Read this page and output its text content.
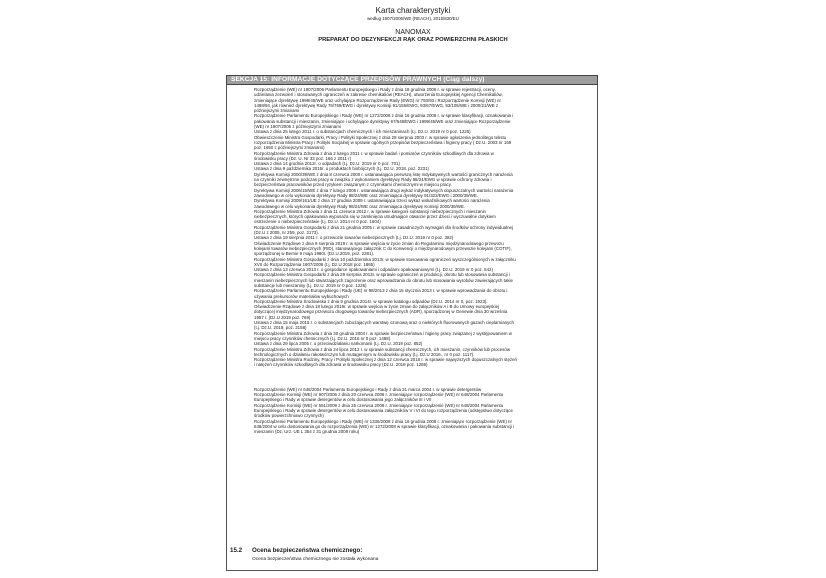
Karta charakterystyki
według 1907/2006/WE (REACH), 2015/830/EU
NANOMAX
PREPARAT DO DEZYNFEKCJI RĄK ORAZ POWIERZCHNI PŁASKICH
SEKCJA 15: INFORMACJE DOTYCZĄCE PRZEPISÓW PRAWNYCH (Ciąg dalszy)
Rozporządzenie (WE) nr 1907/2006 Parlamentu Europejskiego i Rady z dnia 18 grudnia 2006 r. w sprawie rejestracji, oceny,
udzielania zezwoleń i stosowanych ograniczeń w zakresie chemikaliów (REACH), utworzenia Europejskiej Agencji Chemikaliów,
zmieniające dyrektywę 1999/45/WE oraz uchylające Rozporządzenie Rady (EWG) nr 793/93 i Rozporządzenie Komisji (WE) nr
1488/94, jak również dyrektywę Rady 76/769/EWG i dyrektywy Komisji 91/155/EWG, 93/67/EWG, 93/105/WE i 2000/21/WE z
późniejszymi zmianami
Rozporządzenie Parlamentu Europejskiego i Rady (WE) nr 1272/2008 z dnia 16 grudnia 2008 r. w sprawie klasyfikacji, oznakowania i
pakowania substancji i mieszanin, zmieniające i uchylające dyrektywy 67/548/EWG i 1999/45/WE oraz zmieniające Rozporządzenie
(WE) nr 1907/2006 z późniejszymi zmianami
Ustawa z dnia 25 lutego 2011 r. o substancjach chemicznych i ich mieszaninach (t.j. Dz.U. 2019 nr 0 poz. 1225)
Obwieszczenie Ministra Gospodarki, Pracy i Polityki Społecznej z dnia 28 sierpnia 2003 r. w sprawie ogłoszenia jednolitego tekstu
rozporządzenia Ministra Pracy i Polityki Socjalnej w sprawie ogólnych przepisów bezpieczeństwa i higieny pracy ( Dz.U. 2003 nr 169
poz. 1650 z późniejszymi zmianami)
Rozporządzenie Ministra Zdrowia z dnia 2 lutego 2011 r. w sprawie badań i pomiarów czynników szkodliwych dla zdrowia w
środowisku pracy (Dz. U. Nr 33 poz. 166 z 2011 r)
Ustawa z dnia 14 grudnia 2012r. o odpadach (t.j. Dz.U. 2019 nr 0 poz. 701)
Ustawa z dnia 9 października 2015r. o produktach biobójczych (t.j. Dz.U. 2018, poz. 2231)
Dyrektywa Komisji 2000/39/WE z dnia 8 czerwca 2000 r. ustanawiająca pierwszą listę indykatywnych wartości granicznych narażenia
na czynniki zewnętrzne podczas pracy w związku z wykonaniem dyrektywy Rady 98/24/EWG w sprawie ochrony zdrowia i
bezpieczeństwa pracowników przed ryzykiem związanym z czynnikami chemicznymi w miejscu pracy.
Dyrektywa Komisji 2006/15/WE z dnia 7 lutego 2006 r. ustanawiająca drugi wykaz indykatywnych dopuszczalnych wartości narażenia
zawodowego w celu wykonania dyrektywy Rady 98/24/WE oraz zmieniająca dyrektywy 91/322/EWG i 2000/39/WE.
Dyrektywa Komisji 2009/161/UE z dnia 17 grudnia 2009 r. ustanawiająca trzeci wykaz wskaźnikowych wartości narażenia
zawodowego w celu wykonania dyrektywy Rady 98/24/WE oraz zmieniająca dyrektywę Komisji 2000/39/WE.
Rozporządzenie Ministra Zdrowia z dnia 11 czerwca 2012 r. w sprawie kategorii substancji niebezpiecznych i mieszanin
niebezpiecznych, których opakowania wyposaża się w zamknięcia utrudniające otwarcie przez dzieci i wyczuwalne dotykiem
ostrzeżenie o niebezpieczeństwie (t.j. Dz.U. 2014 nr 0 poz. 1604)
Rozporządzenie Ministra Gospodarki z dnia 21 grudnia 2005 r. w sprawie zasadniczych wymagań dla środków ochrony indywidualnej
(Dz.U z 2005, nr 259, poz. 2173).
Ustawa z dnia 19 sierpnia 2011 r. o przewozie towarów niebezpiecznych (t.j. Dz.U. 2019 nr 0 poz. 382)
Oświadczenie Rządowe z dnia 9 sierpnia 2019 r. w sprawie wejścia w życie zmian do Regulaminu międzynarodowego przewozu
kolejami towarów niebezpiecznych (RID), stanowiącego załącznik C do Konwencji o międzynarodowym przewozie kolejami (COTIF),
sporządzonej w Bernie 9 maja 1980r. (Dz.U.2019, poz. 2281).
Rozporządzenie Ministra Gospodarki z dnia 10 października 2013r. w sprawie stosowania ograniczeń wyszczególnionych w załączniku
XVII do Rozporządzenia 1907/2006 (t.j. Dz.U 2018 poz. 1865)
Ustawa z dnia 13 czerwca 2013 r. o gospodarce opakowaniami i odpadami opakowaniowymi (t.j. Dz.U. 2019 nr 0 poz. 542)
Rozporządzenie Ministra Gospodarki z dnia 29 sierpnia 2013r. w sprawie ograniczeń w produkcji, obrotu lub stosowania substancji i
mieszanin niebezpiecznych lub stwarzających zagrożenie oraz wprowadzania do obrotu lub stosowania wyrobów zawierających takie
substancje lub mieszaniny (t.j. Dz.U. 2019 nr 0 poz. 1226)
Rozporządzenie Parlamentu Europejskiego i Rady (UE) nr 98/2013 z dnia 15 stycznia 2013 r. w sprawie wprowadzania do obrotu i
używania prekursorów materiałów wybuchowych
Rozporządzenie Ministra Środowiska z dnia 9 grudnia 2014r. w sprawie katalogu odpadów (Dz.U. 2014 nr 0, poz. 1923).
Oświadczenie Rządowe z dnia 18 lutego 2019r. w sprawie wejścia w życie zmian do załączników A i B do Umowy europejskiej
dotyczącej międzynarodowego przewozu drogowego towarów niebezpiecznych (ADR), sporządzonej w Genewie dnia 30 września
1957 r. (Dz.U 2019 poz. 769)
Ustawa z dnia 15 maja 2015 r. o substancjach zubożających warstwę ozonową oraz o niektórych fluorowanych gazach cieplarnianych
(t.j. Dz.U. 2019, poz. 2158)
Rozporządzenie Ministra Zdrowia z dnia 30 grudnia 2004 r. w sprawie bezpieczeństwa i higieny pracy związanej z występowaniem w
miejscu pracy czynników chemicznych (t.j. Dz.U. 2016 nr 0 poz. 1488)
Ustawa z dnia 29 lipca 2005 r. o przeciwdziałaniu narkomanii (t.j. Dz.U. 2019 poz. 852)
Rozporządzenie Ministra Zdrowia z dnia 24 lipca 2012 r. w sprawie substancji chemicznych, ich mieszanin, czynników lub procesów
technologicznych o działaniu rakotwórczym lub mutagennym w środowisku pracy (t.j. Dz.U 2016., nr 0 poz. 1117).
Rozporządzenie Ministra Rodziny, Pracy i Polityki Społecznej z dnia 12 czerwca 2018 r. w sprawie najwyższych dopuszczalnych stężeń
i natężeń czynników szkodliwych dla zdrowia w środowisku pracy (Dz.U. 2018 poz. 1286)
Rozporządzenie (WE) nr 648/2004 Parlamentu Europejskiego i Rady z dnia 31 marca 2004 r. w sprawie detergentów
Rozporządzenie Komisji (WE) nr 907/2006 z dnia 20 czerwca 2006 r. zmieniające rozporządzenie (WE) nr 648/2004 Parlamentu
Europejskiego i Rady w sprawie detergentów w celu dostosowania jego załączników III i VII
Rozporządzenie Komisji (WE) nr 551/2009 z dnia 25 czerwca 2009 r. zmieniające rozporządzenie (WE) nr 648/2004 Parlamentu
Europejskiego i Rady w sprawie detergentów w celu dostosowania załączników V i VI do tego rozporządzenia (odstępstwo dotyczące
środków powierzchniowo czynnych)
Rozporządzenie Parlamentu Europejskiego i Rady (WE) nr 1336/2008 z dnia 16 grudnia 2008 r. zmieniające rozporządzenie (WE) nr
648/2004 w celu dostosowania go do rozporządzenia (WE) nr 1272/2008 w sprawie klasyfikacji, oznakowania i pakowania substancji i
mieszanin (Dz. Urz. UE L 354 z 31 grudnia 2008 roku)
15.2 Ocena bezpieczeństwa chemicznego:
Ocena bezpieczeństwa chemicznego nie została wykonana
